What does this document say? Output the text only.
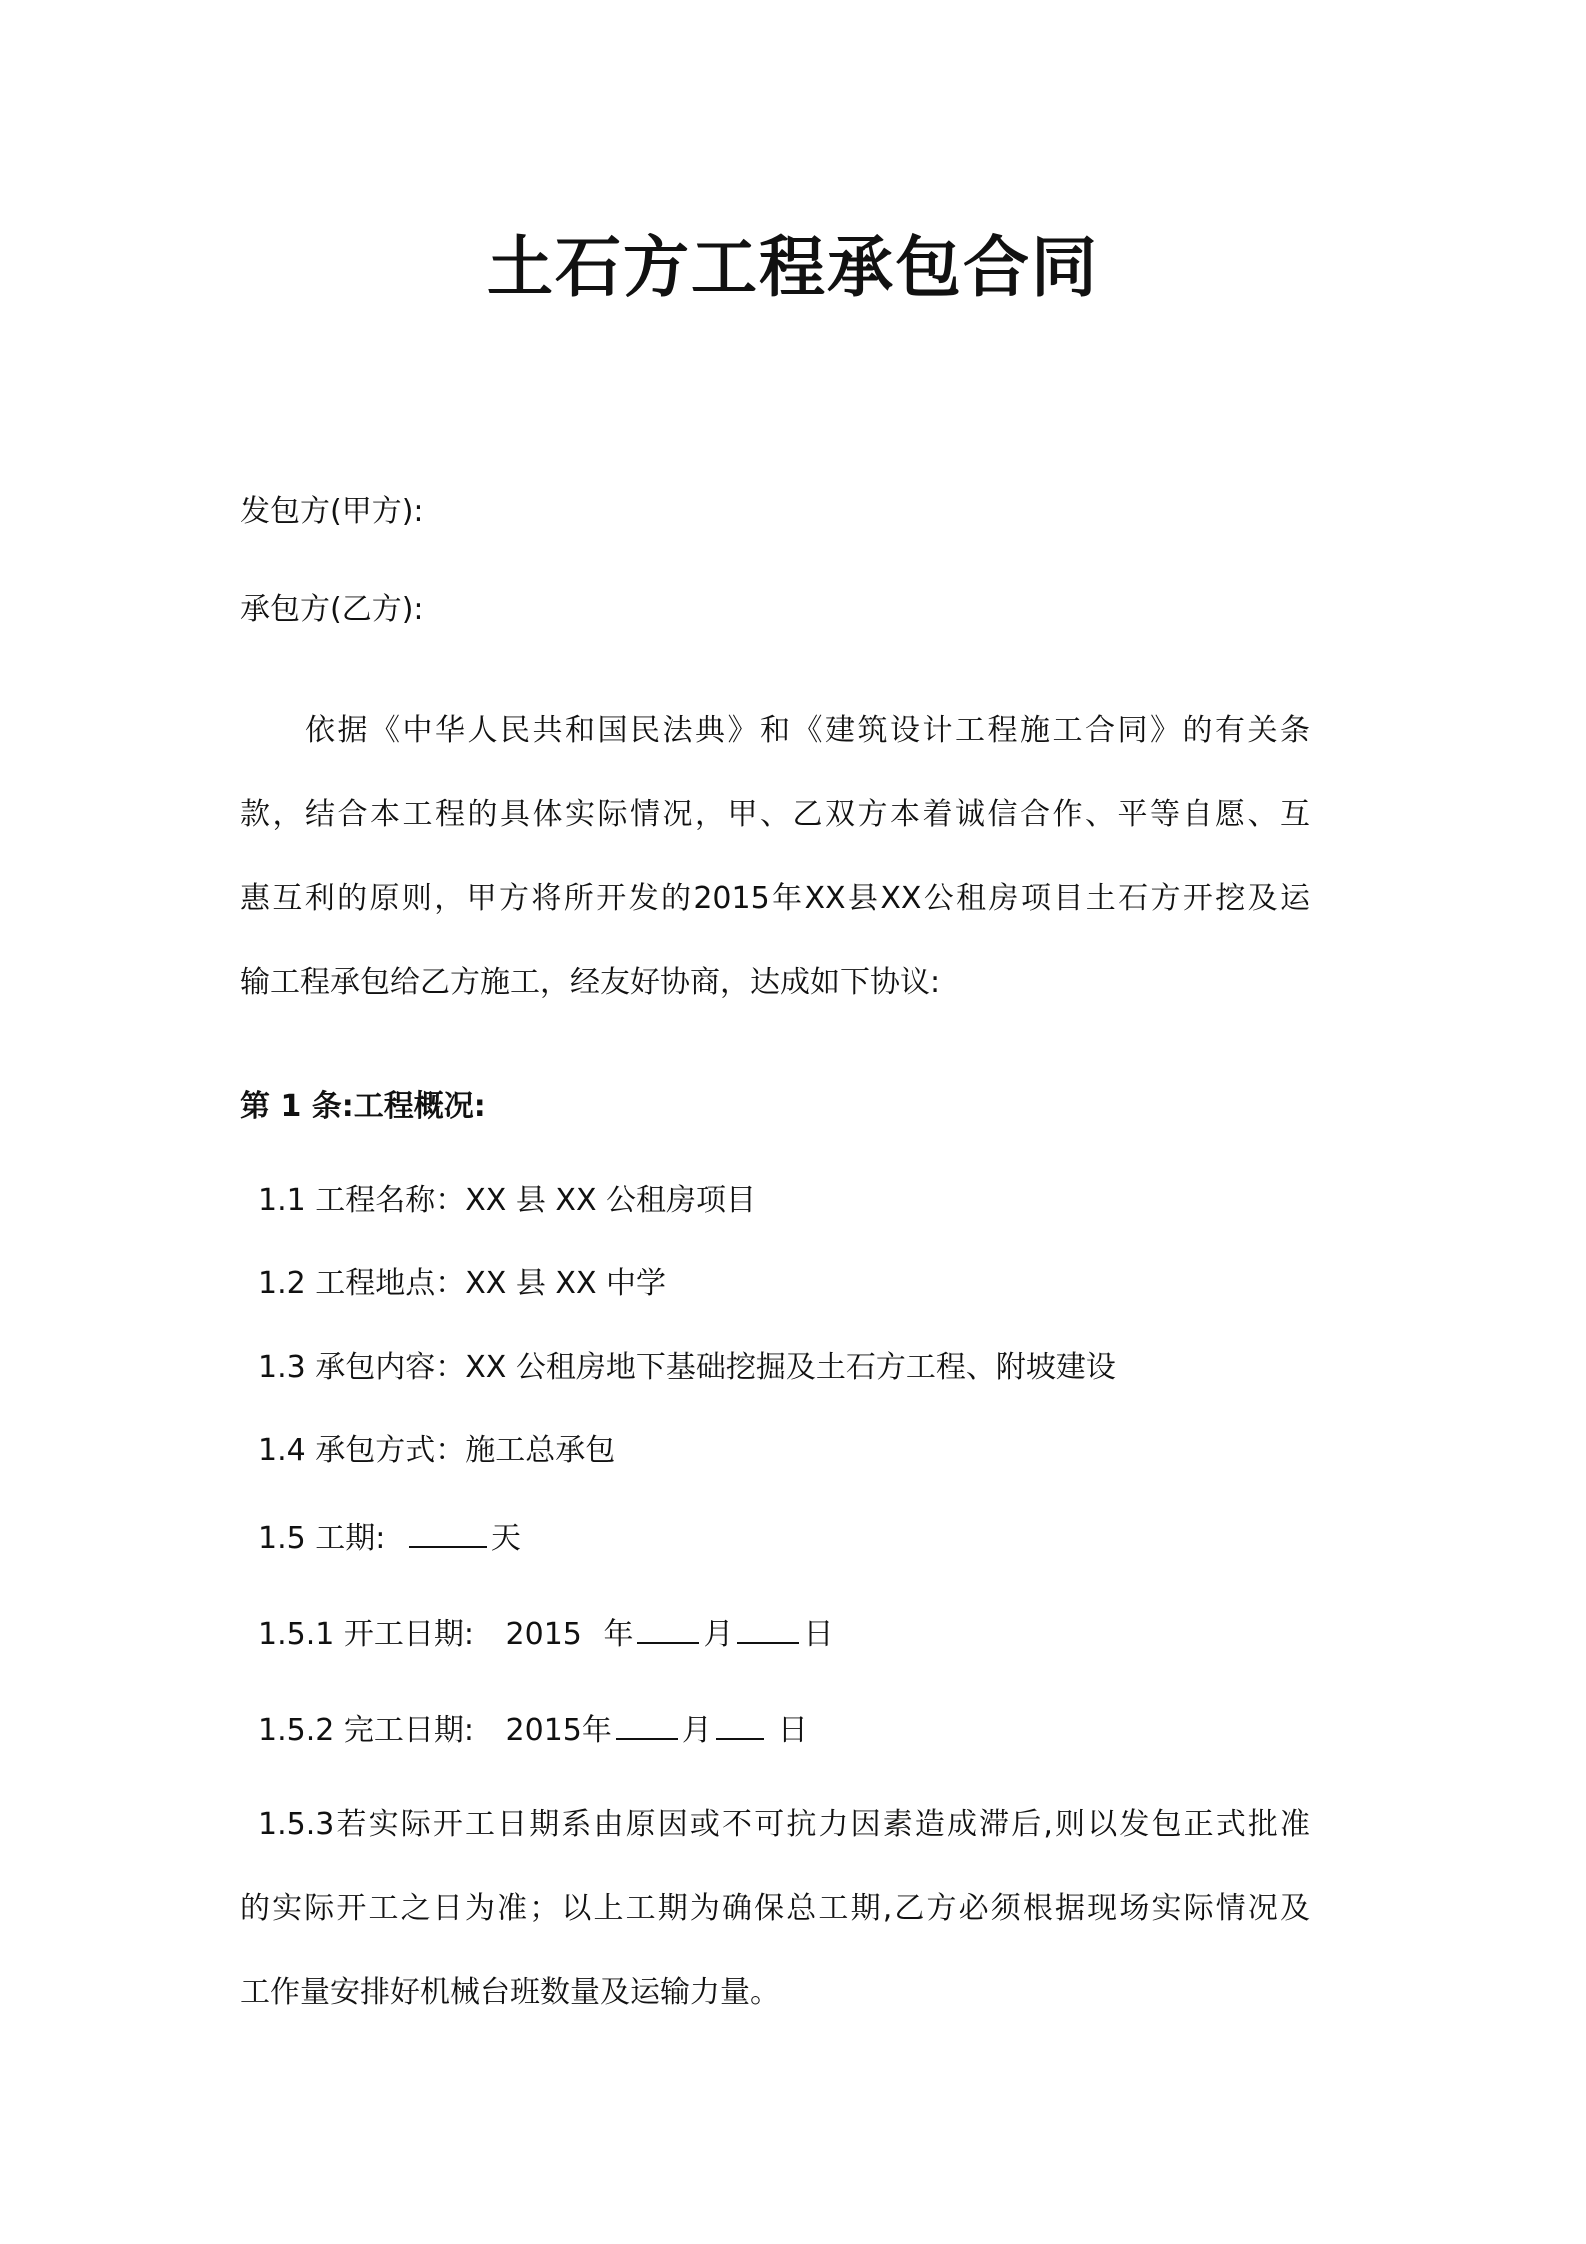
土石方工程承包合同
发包方(甲方):
承包方(乙方):
依据《中华人民共和国民法典》和《建筑设计工程施工合同》的有关条
款，结合本工程的具体实际情况，甲、乙双方本着诚信合作、平等自愿、互
惠互利的原则，甲方将所开发的2015年XX县XX公租房项目土石方开挖及运
输工程承包给乙方施工，经友好协商，达成如下协议:
第 1 条:工程概况:
1.1 工程名称：XX 县 XX 公租房项目
1.2 工程地点：XX 县 XX 中学
1.3 承包内容：XX 公租房地下基础挖掘及土石方工程、附坡建设
1.4 承包方式：施工总承包
1.5 工期:	天
1.5.1 开工日期: 2015 年 月 日
1.5.2 完工日期: 2015年 月 日
1.5.3若实际开工日期系由原因或不可抗力因素造成滞后,则以发包正式批准
的实际开工之日为准；以上工期为确保总工期,乙方必须根据现场实际情况及
工作量安排好机械台班数量及运输力量。
